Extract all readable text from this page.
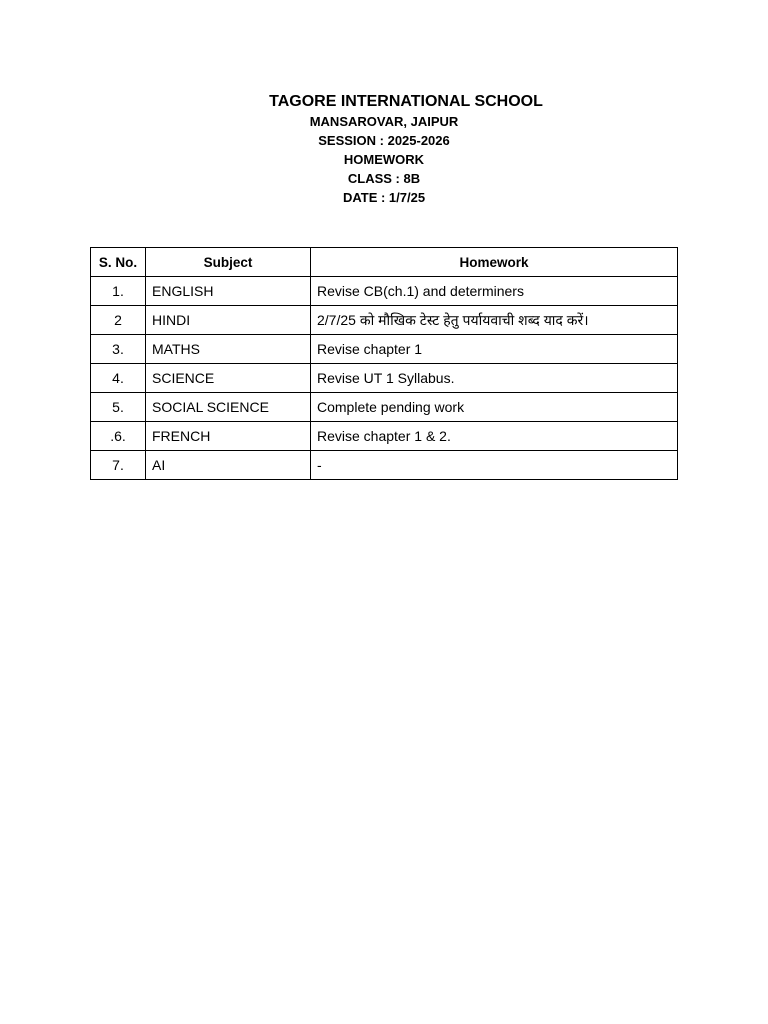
TAGORE INTERNATIONAL SCHOOL
MANSAROVAR, JAIPUR
SESSION : 2025-2026
HOMEWORK
CLASS : 8B
DATE : 1/7/25
S. No.	Subject	Homework
1.	ENGLISH	Revise CB(ch.1) and determiners
2	HINDI	2/7/25 को मौखिक टेस्ट हेतु पर्यायवाची शब्द याद करें।
3.	MATHS	Revise chapter 1
4.	SCIENCE	Revise UT 1 Syllabus.
5.	SOCIAL SCIENCE	Complete pending work
.6.	FRENCH	Revise chapter 1 & 2.
7.	AI	-
